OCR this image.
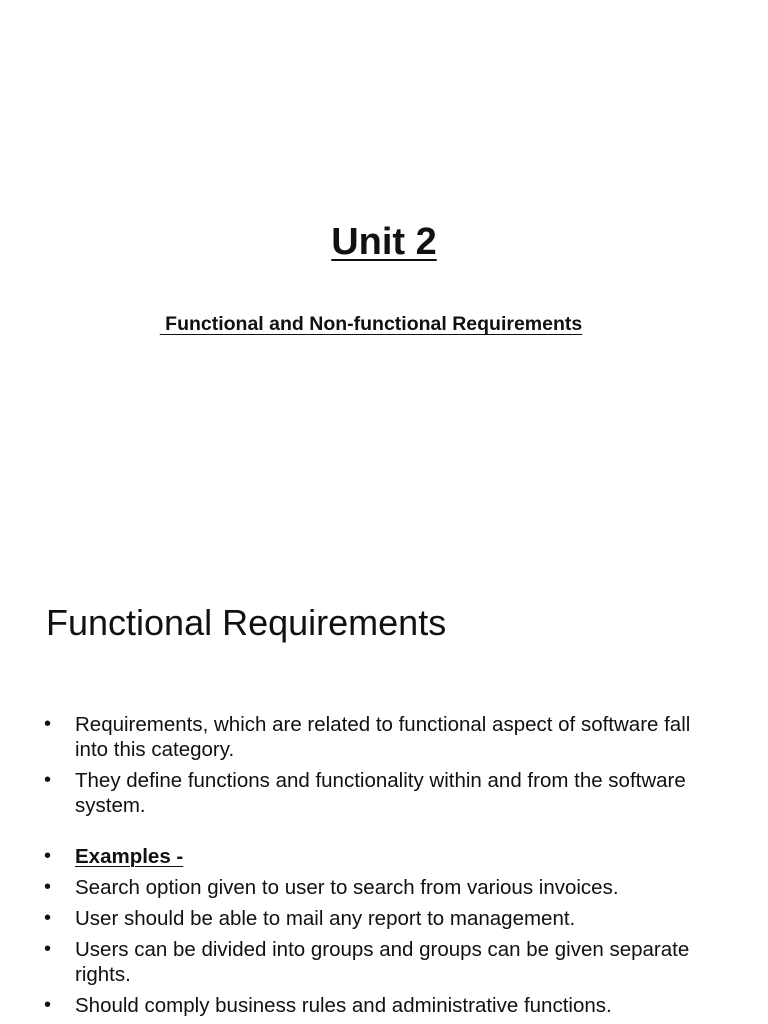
Unit 2
Functional and Non-functional Requirements
Functional Requirements
• Requirements, which are related to functional aspect of software fall into this category.
• They define functions and functionality within and from the software system.
• Examples -
• Search option given to user to search from various invoices.
• User should be able to mail any report to management.
• Users can be divided into groups and groups can be given separate rights.
• Should comply business rules and administrative functions.
